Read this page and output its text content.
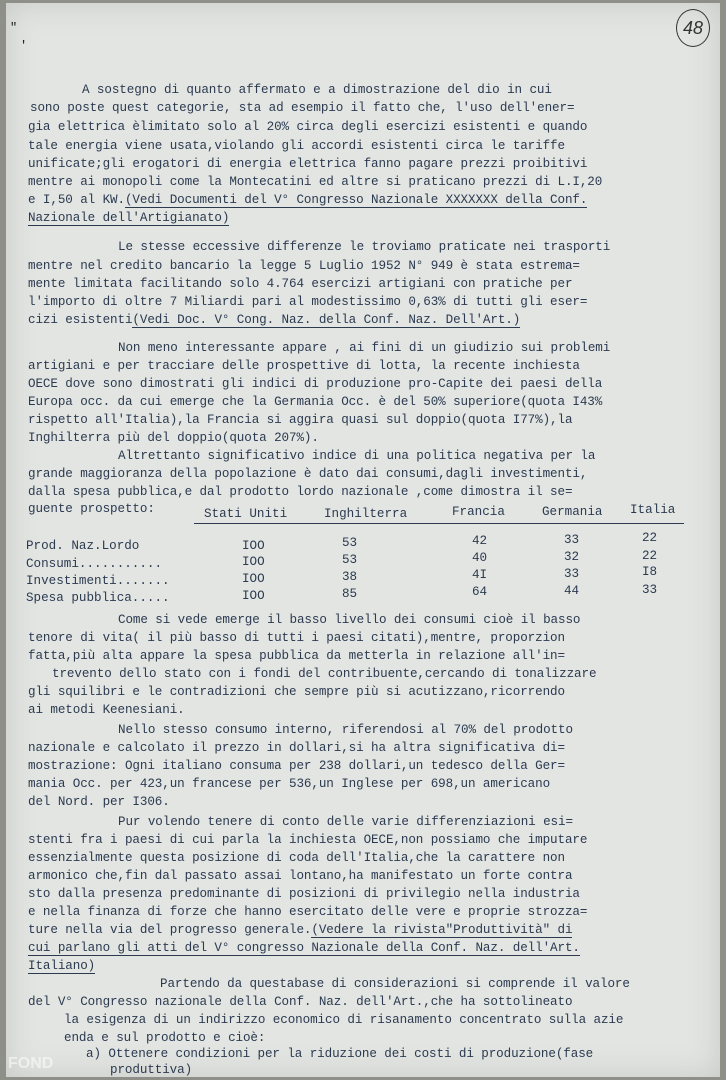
"
'
48
A sostegno di quanto affermato e a dimostrazione del dio in cui
sono poste quest categorie, sta ad esempio il fatto che, l'uso dell'ener=
gia elettrica èlimitato solo al 20% circa degli esercizi esistenti e quando
tale energia viene usata,violando gli accordi esistenti circa le tariffe
unificate;gli erogatori di energia elettrica fanno pagare prezzi proibitivi
mentre ai monopoli come la Montecatini ed altre si praticano prezzi di L.I,20
e I,50 al KW.(Vedi Documenti del V° Congresso Nazionale XXXXXXX della Conf.
Nazionale dell'Artigianato)
Le stesse eccessive differenze le troviamo praticate nei trasporti
mentre nel credito bancario la legge 5 Luglio 1952 N° 949 è stata estrema=
mente limitata facilitando solo 4.764 esercizi artigiani con pratiche per
l'importo di oltre 7 Miliardi pari al modestissimo 0,63% di tutti gli eser=
cizi esistenti(Vedi Doc. V° Cong. Naz. della Conf. Naz. Dell'Art.)
Non meno interessante appare , ai fini di un giudizio sui problemi
artigiani e per tracciare delle prospettive di lotta, la recente inchiesta
OECE dove sono dimostrati gli indici di produzione pro-Capite dei paesi della
Europa occ. da cui emerge che la Germania Occ. è del 50% superiore(quota I43%
rispetto all'Italia),la Francia si aggira quasi sul doppio(quota I77%),la
Inghilterra più del doppio(quota 207%).
Altrettanto significativo indice di una politica negativa per la
grande maggioranza della popolazione è dato dai consumi,dagli investimenti,
dalla spesa pubblica,e dal prodotto lordo nazionale ,come dimostra il se=
guente prospetto:	Stati Uniti	Inghilterra	Francia	Germania Italia
Prod. Naz.Lordo	IOO	53	42	33	22
Consumi...........	IOO	53	40	32	22
Investimenti.......	IOO	38	4I	33	I8
Spesa pubblica.....	IOO	85	64	44	33
Come si vede emerge il basso livello dei consumi cioè il basso
tenore di vita( il più basso di tutti i paesi citati),mentre, proporzion
fatta,più alta appare la spesa pubblica da metterla in relazione all'in=
trevento dello stato con i fondi del contribuente,cercando di tonalizzare
gli squilibri e le contradizioni che sempre più si acutizzano,ricorrendo
ai metodi Keenesiani.
Nello stesso consumo interno, riferendosi al 70% del prodotto
nazionale e calcolato il prezzo in dollari,si ha altra significativa di=
mostrazione: Ogni italiano consuma per 238 dollari,un tedesco della Ger=
mania Occ. per 423,un francese per 536,un Inglese per 698,un americano
del Nord. per I306.
Pur volendo tenere di conto delle varie differenziazioni esi=
stenti fra i paesi di cui parla la inchiesta OECE,non possiamo che imputare
essenzialmente questa posizione di coda dell'Italia,che la carattere non
armonico che,fin dal passato assai lontano,ha manifestato un forte contra
sto dalla presenza predominante di posizioni di privilegio nella industria
e nella finanza di forze che hanno esercitato delle vere e proprie strozza=
ture nella via del progresso generale.(Vedere la rivista"Produttività" di
cui parlano gli atti del V° congresso Nazionale della Conf. Naz. dell'Art.
Italiano)
Partendo da questabase di considerazioni si comprende il valore
del V° Congresso nazionale della Conf. Naz. dell'Art.,che ha sottolineato
la esigenza di un indirizzo economico di risanamento concentrato sulla azie
enda e sul prodotto e cioè:
a) Ottenere condizioni per la riduzione dei costi di produzione(fase
produttiva)
FOND
